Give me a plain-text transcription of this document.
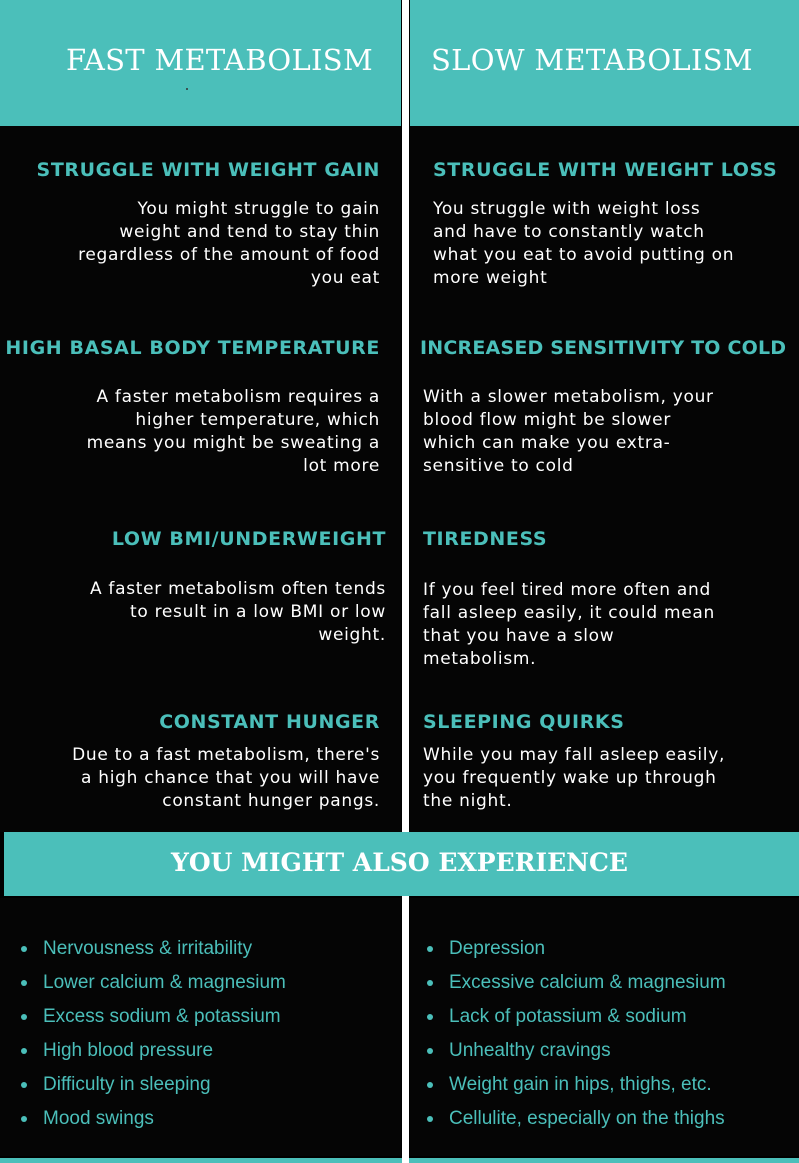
FAST METABOLISM SLOW METABOLISM
STRUGGLE WITH WEIGHT GAIN
You might struggle to gain
weight and tend to stay thin
regardless of the amount of food
you eat
HIGH BASAL BODY TEMPERATURE
A faster metabolism requires a
higher temperature, which
means you might be sweating a
lot more
LOW BMI/UNDERWEIGHT
A faster metabolism often tends
to result in a low BMI or low
weight.
CONSTANT HUNGER
Due to a fast metabolism, there's
a high chance that you will have
constant hunger pangs.
STRUGGLE WITH WEIGHT LOSS
You struggle with weight loss
and have to constantly watch
what you eat to avoid putting on
more weight
INCREASED SENSITIVITY TO COLD
With a slower metabolism, your
blood flow might be slower
which can make you extra-
sensitive to cold
TIREDNESS
If you feel tired more often and
fall asleep easily, it could mean
that you have a slow
metabolism.
SLEEPING QUIRKS
While you may fall asleep easily,
you frequently wake up through
the night.
YOU MIGHT ALSO EXPERIENCE
Nervousness & irritability
Lower calcium & magnesium
Excess sodium & potassium
High blood pressure
Difficulty in sleeping
Mood swings
Depression
Excessive calcium & magnesium
Lack of potassium & sodium
Unhealthy cravings
Weight gain in hips, thighs, etc.
Cellulite, especially on the thighs
